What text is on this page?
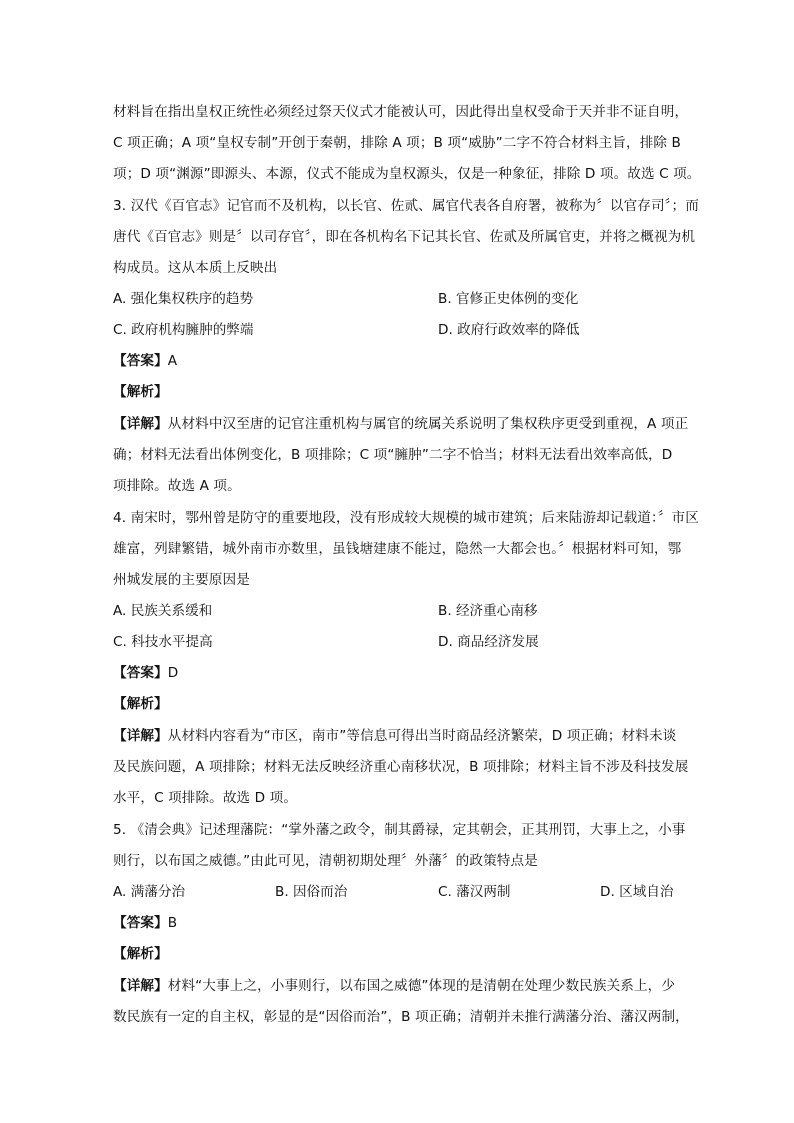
材料旨在指出皇权正统性必须经过祭天仪式才能被认可，因此得出皇权受命于天并非不证自明，
C 项正确；A 项“皇权专制”开创于秦朝，排除 A 项；B 项“威胁”二字不符合材料主旨，排除 B
项；D 项“渊源”即源头、本源，仪式不能成为皇权源头，仅是一种象征，排除 D 项。故选 C 项。
3. 汉代《百官志》记官而不及机构，以长官、佐贰、属官代表各自府署，被称为〞以官存司〞；而
唐代《百官志》则是〞以司存官〞，即在各机构名下记其长官、佐贰及所属官吏，并将之概视为机
构成员。这从本质上反映出
A. 强化集权秩序的趋势	B. 官修正史体例的变化
C. 政府机构臃肿的弊端	D. 政府行政效率的降低
【答案】A
【解析】
【详解】从材料中汉至唐的记官注重机构与属官的统属关系说明了集权秩序更受到重视，A 项正
确；材料无法看出体例变化，B 项排除；C 项“臃肿”二字不恰当；材料无法看出效率高低，D
项排除。故选 A 项。
4. 南宋时，鄂州曾是防守的重要地段，没有形成较大规模的城市建筑；后来陆游却记载道：〞市区
雄富，列肆繁错，城外南市亦数里，虽钱塘建康不能过，隐然一大都会也。〞根据材料可知，鄂
州城发展的主要原因是
A. 民族关系缓和	B. 经济重心南移
C. 科技水平提高	D. 商品经济发展
【答案】D
【解析】
【详解】从材料内容看为“市区，南市”等信息可得出当时商品经济繁荣，D 项正确；材料未谈
及民族问题，A 项排除；材料无法反映经济重心南移状况，B 项排除；材料主旨不涉及科技发展
水平，C 项排除。故选 D 项。
5. 《清会典》记述理藩院：“掌外藩之政令，制其爵禄，定其朝会，正其刑罚，大事上之，小事
则行，以布国之威德。”由此可见，清朝初期处理〞外藩〞的政策特点是
A. 满藩分治	B. 因俗而治	C. 藩汉两制	D. 区域自治
【答案】B
【解析】
【详解】材料“大事上之，小事则行，以布国之威德”体现的是清朝在处理少数民族关系上，少
数民族有一定的自主权，彰显的是“因俗而治”，B 项正确；清朝并未推行满藩分治、藩汉两制，
